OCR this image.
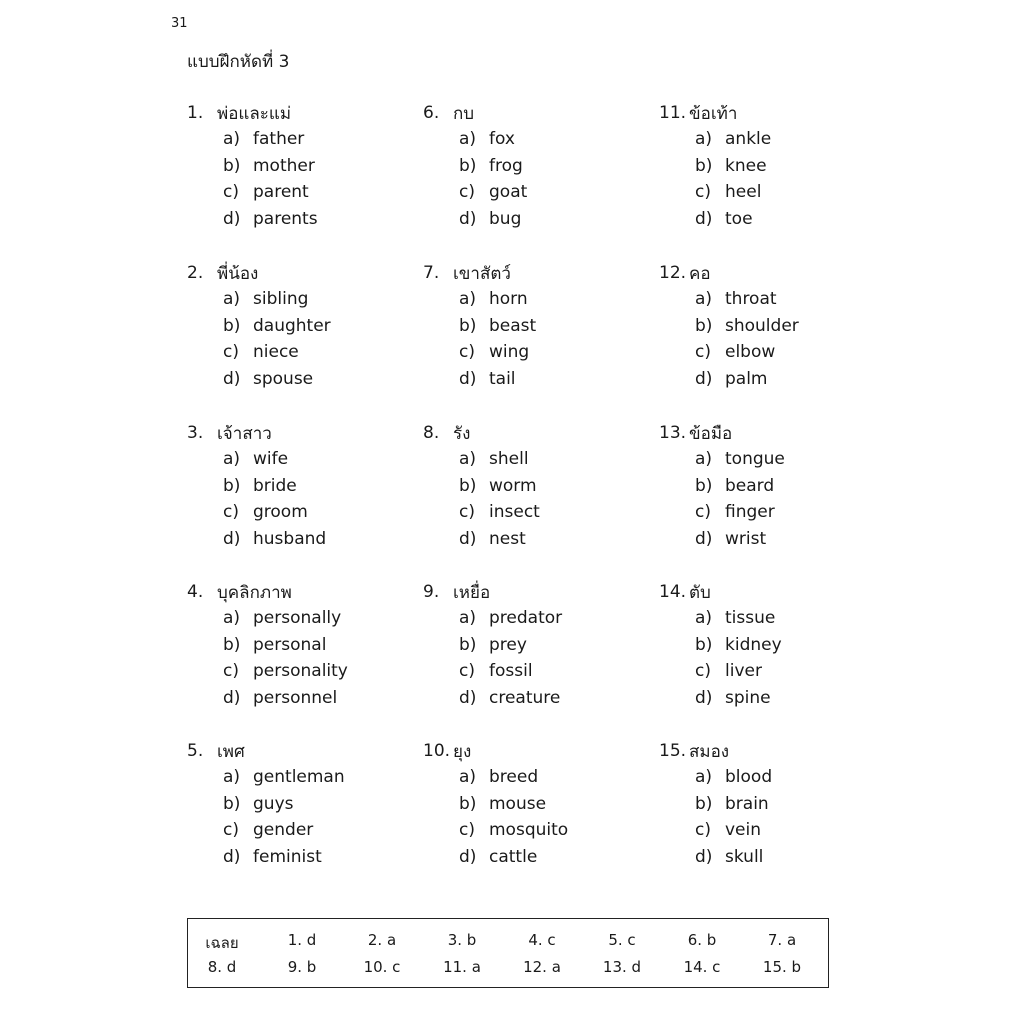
31
แบบฝึกหัดที่ 3
1. พ่อและแม่
a) father
b) mother
c) parent
d) parents
2. พี่น้อง
a) sibling
b) daughter
c) niece
d) spouse
3. เจ้าสาว
a) wife
b) bride
c) groom
d) husband
4. บุคลิกภาพ
a) personally
b) personal
c) personality
d) personnel
5. เพศ
a) gentleman
b) guys
c) gender
d) feminist
6. กบ
a) fox
b) frog
c) goat
d) bug
7. เขาสัตว์
a) horn
b) beast
c) wing
d) tail
8. รัง
a) shell
b) worm
c) insect
d) nest
9. เหยื่อ
a) predator
b) prey
c) fossil
d) creature
10. ยุง
a) breed
b) mouse
c) mosquito
d) cattle
11. ข้อเท้า
a) ankle
b) knee
c) heel
d) toe
12. คอ
a) throat
b) shoulder
c) elbow
d) palm
13. ข้อมือ
a) tongue
b) beard
c) finger
d) wrist
14. ตับ
a) tissue
b) kidney
c) liver
d) spine
15. สมอง
a) blood
b) brain
c) vein
d) skull
เฉลย	1. d	2. a	3. b	4. c	5. c	6. b	7. a
8. d	9. b	10. c	11. a	12. a	13. d	14. c	15. b
